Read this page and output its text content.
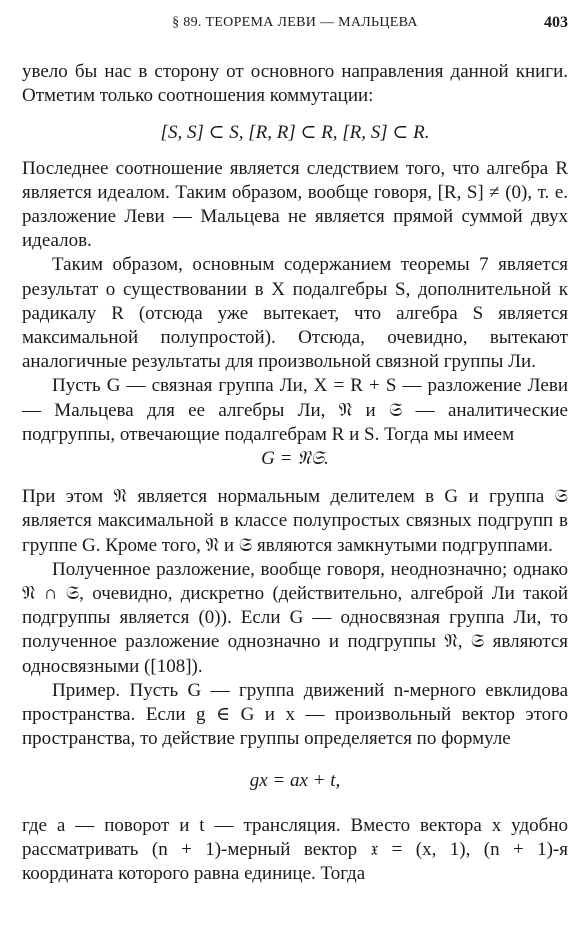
§ 89. ТЕОРЕМА ЛЕВИ — МАЛЬЦЕВА	403

увело бы нас в сторону от основного направления данной книги. Отметим только соотношения коммутации:

[S, S] ⊂ S, [R, R] ⊂ R, [R, S] ⊂ R.

Последнее соотношение является следствием того, что алгебра R является идеалом. Таким образом, вообще говоря, [R, S] ≠ (0), т. е. разложение Леви — Мальцева не является прямой суммой двух идеалов.

Таким образом, основным содержанием теоремы 7 является результат о существовании в X подалгебры S, дополнительной к радикалу R (отсюда уже вытекает, что алгебра S является максимальной полупростой). Отсюда, очевидно, вытекают аналогичные результаты для произвольной связной группы Ли.

Пусть G — связная группа Ли, X = R + S — разложение Леви — Мальцева для ее алгебры Ли, 𝔑 и 𝔖 — аналитические подгруппы, отвечающие подалгебрам R и S. Тогда мы имеем

G = 𝔑𝔖.

При этом 𝔑 является нормальным делителем в G и группа 𝔖 является максимальной в классе полупростых связных подгрупп в группе G. Кроме того, 𝔑 и 𝔖 являются замкнутыми подгруппами.

Полученное разложение, вообще говоря, неоднозначно; однако 𝔑 ∩ 𝔖, очевидно, дискретно (действительно, алгеброй Ли такой подгруппы является (0)). Если G — односвязная группа Ли, то полученное разложение однозначно и подгруппы 𝔑, 𝔖 являются односвязными ([108]).

Пример. Пусть G — группа движений n-мерного евклидова пространства. Если g ∈ G и x — произвольный вектор этого пространства, то действие группы определяется по формуле

gx = ax + t,

где a — поворот и t — трансляция. Вместо вектора x удобно рассматривать (n + 1)-мерный вектор 𝔵 = (x, 1), (n + 1)-я координата которого равна единице. Тогда
